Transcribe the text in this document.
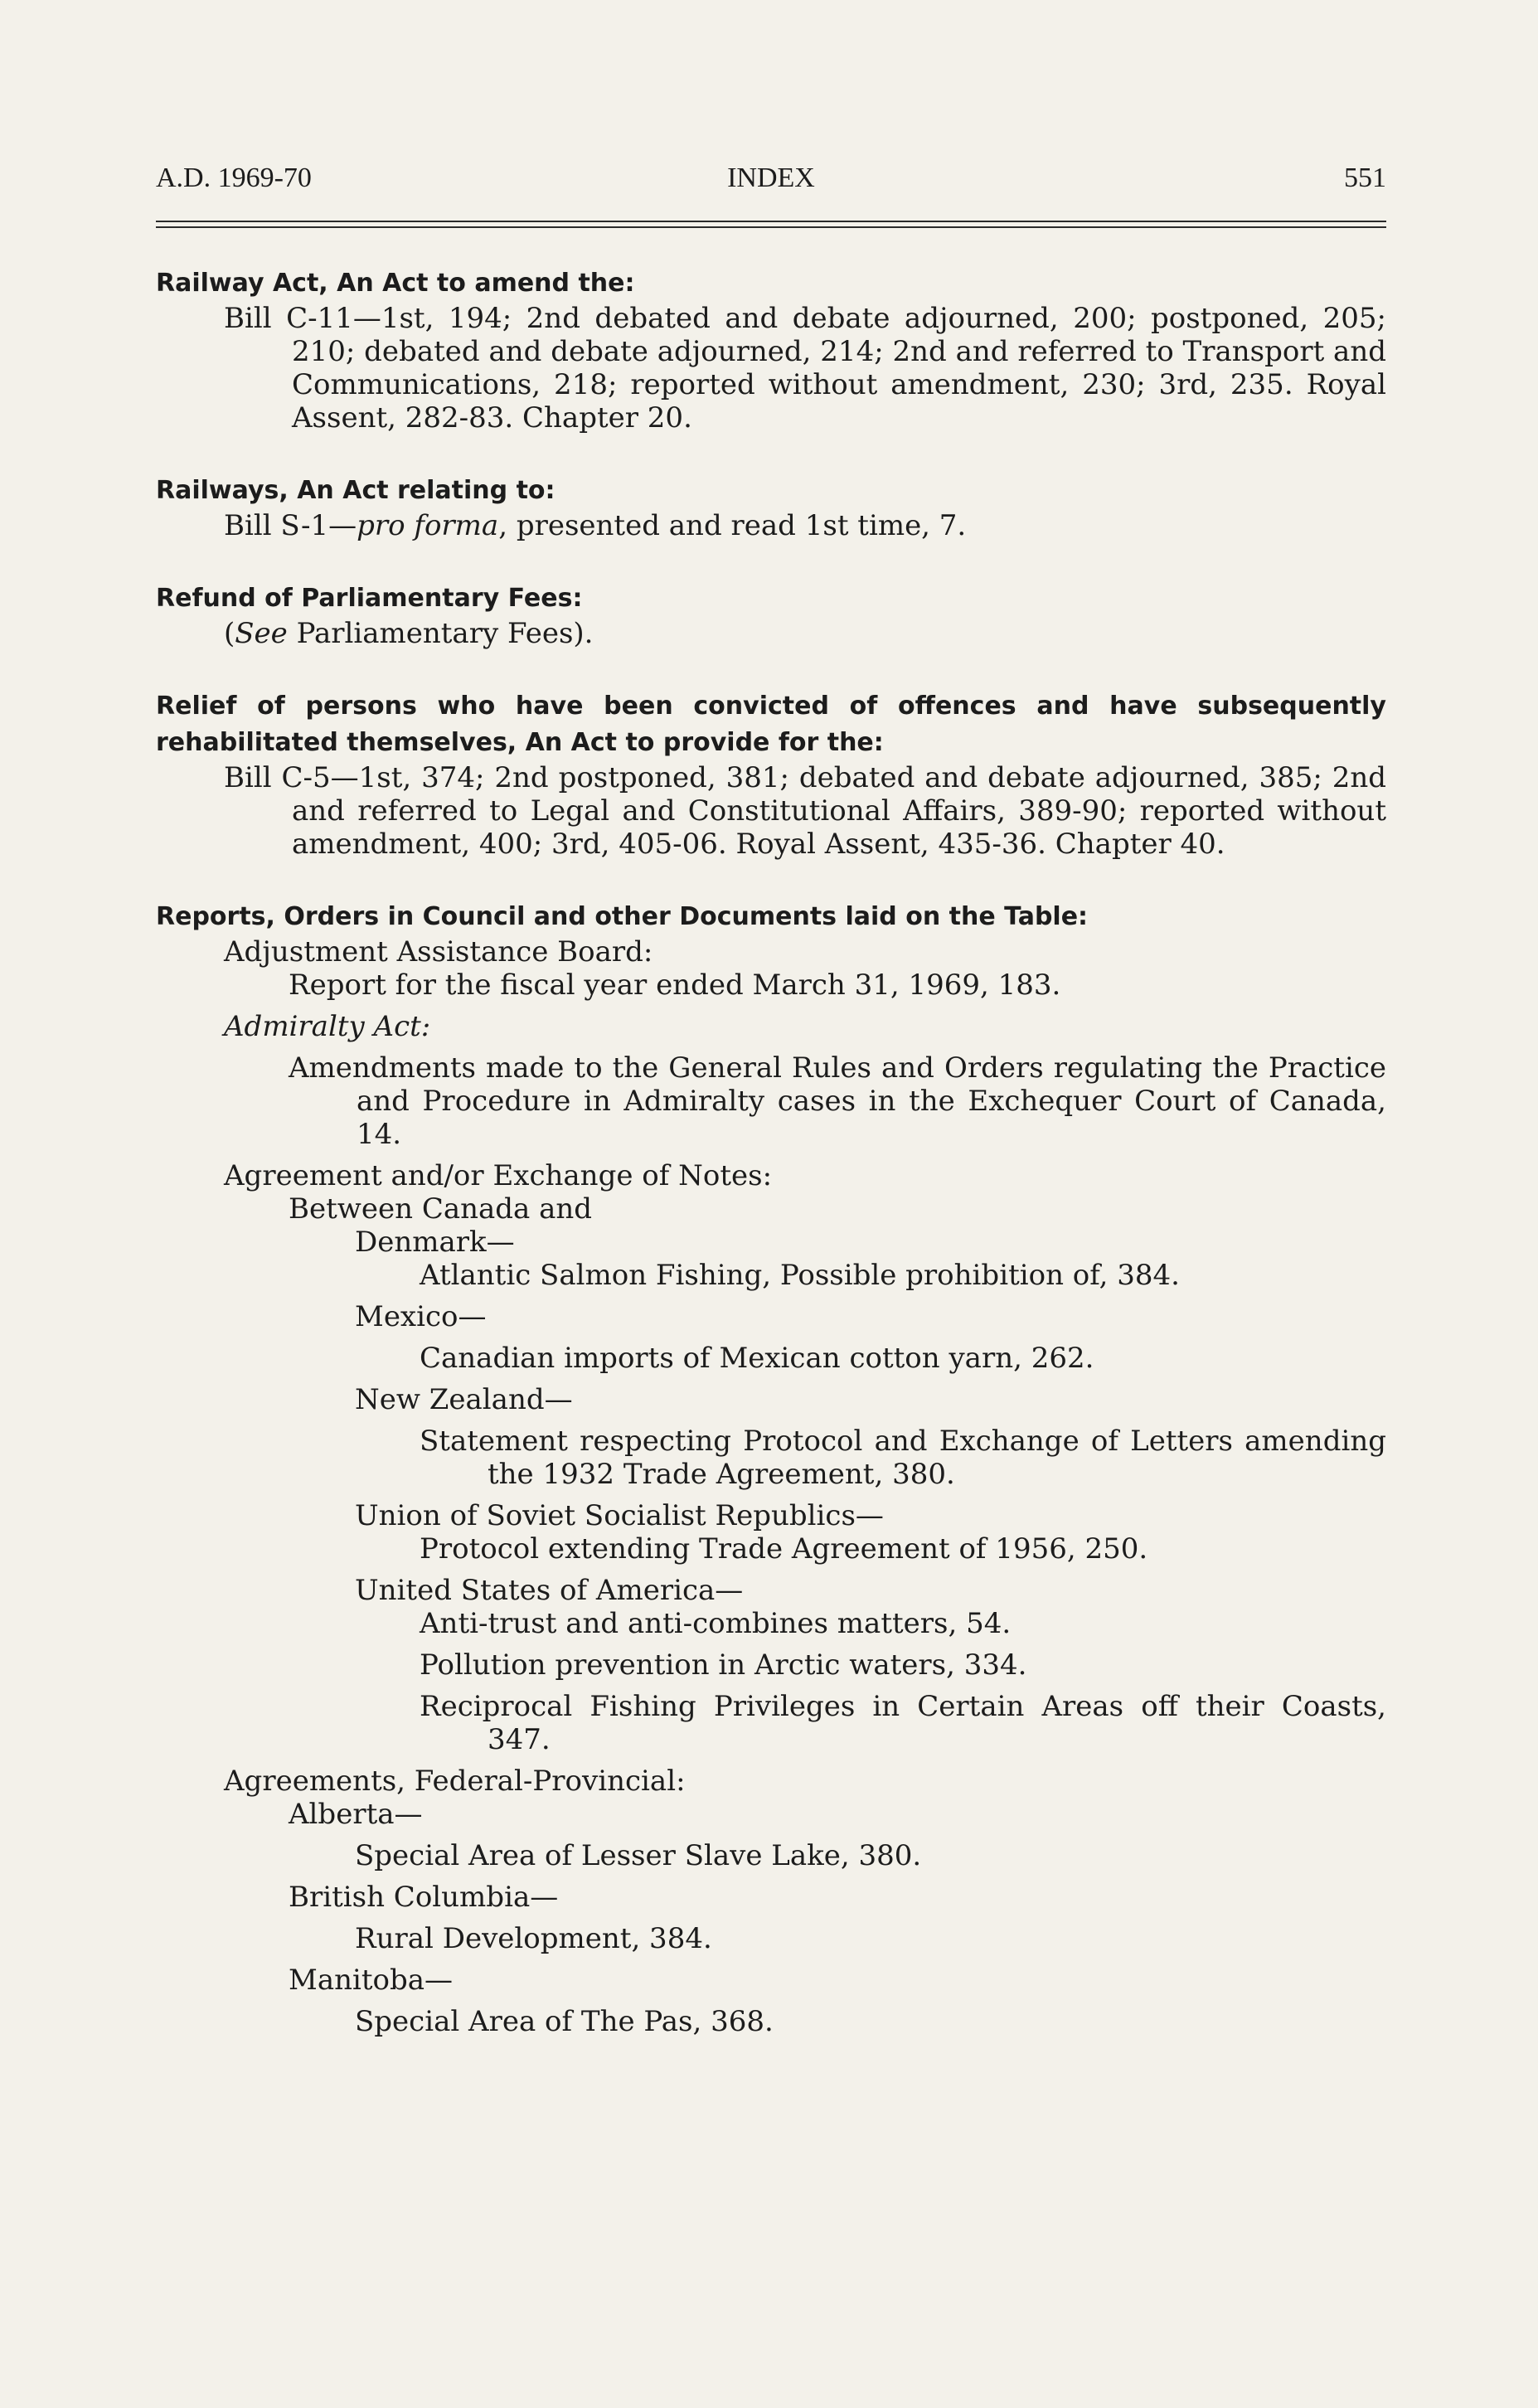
A.D. 1969-70	INDEX	551

Railway Act, An Act to amend the:

Bill C-11—1st, 194; 2nd debated and debate adjourned, 200; postponed, 205; 210; debated and debate adjourned, 214; 2nd and referred to Transport and Communications, 218; reported without amendment, 230; 3rd, 235. Royal Assent, 282-83. Chapter 20.

Railways, An Act relating to:

Bill S-1—pro forma, presented and read 1st time, 7.

Refund of Parliamentary Fees:

(See Parliamentary Fees).

Relief of persons who have been convicted of offences and have subsequently rehabilitated themselves, An Act to provide for the:

Bill C-5—1st, 374; 2nd postponed, 381; debated and debate adjourned, 385; 2nd and referred to Legal and Constitutional Affairs, 389-90; reported without amendment, 400; 3rd, 405-06. Royal Assent, 435-36. Chapter 40.

Reports, Orders in Council and other Documents laid on the Table:

Adjustment Assistance Board:

Report for the fiscal year ended March 31, 1969, 183.

Admiralty Act:

Amendments made to the General Rules and Orders regulating the Practice and Procedure in Admiralty cases in the Exchequer Court of Canada, 14.

Agreement and/or Exchange of Notes:

Between Canada and

Denmark—

Atlantic Salmon Fishing, Possible prohibition of, 384.

Mexico—

Canadian imports of Mexican cotton yarn, 262.

New Zealand—

Statement respecting Protocol and Exchange of Letters amending the 1932 Trade Agreement, 380.

Union of Soviet Socialist Republics—

Protocol extending Trade Agreement of 1956, 250.

United States of America—

Anti-trust and anti-combines matters, 54.

Pollution prevention in Arctic waters, 334.

Reciprocal Fishing Privileges in Certain Areas off their Coasts, 347.

Agreements, Federal-Provincial:

Alberta—

Special Area of Lesser Slave Lake, 380.

British Columbia—

Rural Development, 384.

Manitoba—

Special Area of The Pas, 368.
